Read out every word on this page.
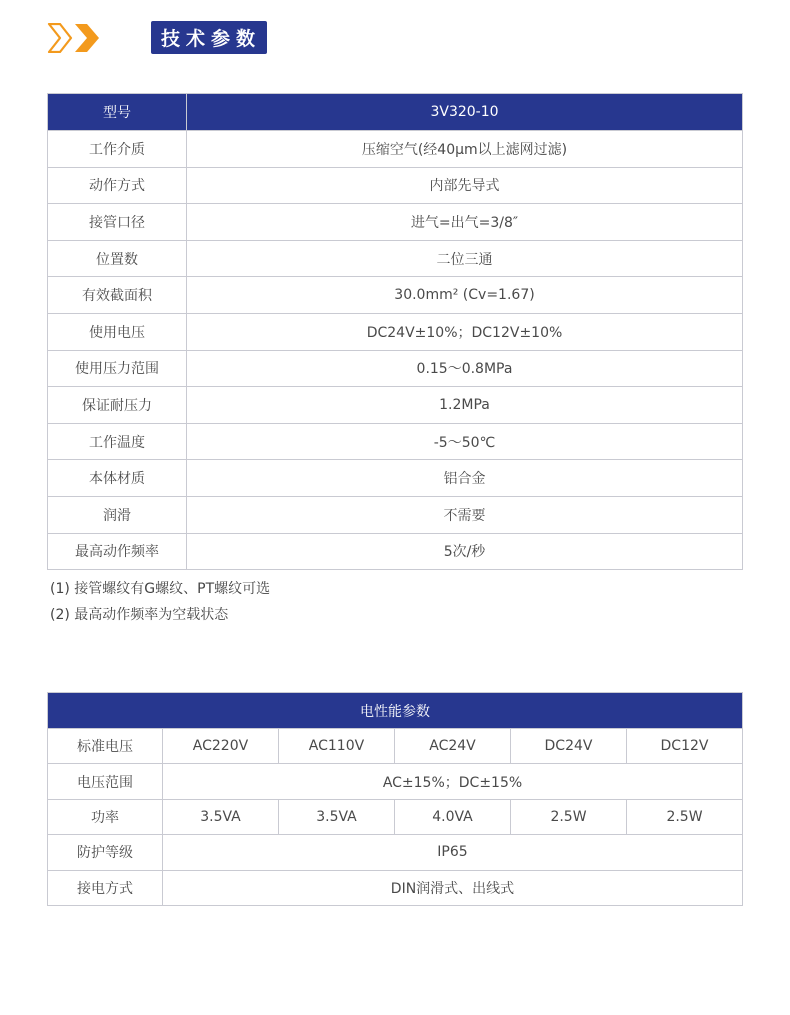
技术参数
型号	3V320-10
工作介质	压缩空气(经40μm以上滤网过滤)
动作方式	内部先导式
接管口径	进气=出气=3/8″
位置数	二位三通
有效截面积	30.0mm² (Cv=1.67)
使用电压	DC24V±10%；DC12V±10%
使用压力范围	0.15～0.8MPa
保证耐压力	1.2MPa
工作温度	-5～50℃
本体材质	铝合金
润滑	不需要
最高动作频率	5次/秒
(1) 接管螺纹有G螺纹、PT螺纹可选
(2) 最高动作频率为空载状态
电性能参数					
标准电压	AC220V	AC110V	AC24V	DC24V	DC12V
电压范围	AC±15%；DC±15%				
功率	3.5VA	3.5VA	4.0VA	2.5W	2.5W
防护等级	IP65				
接电方式	DIN润滑式、出线式				
